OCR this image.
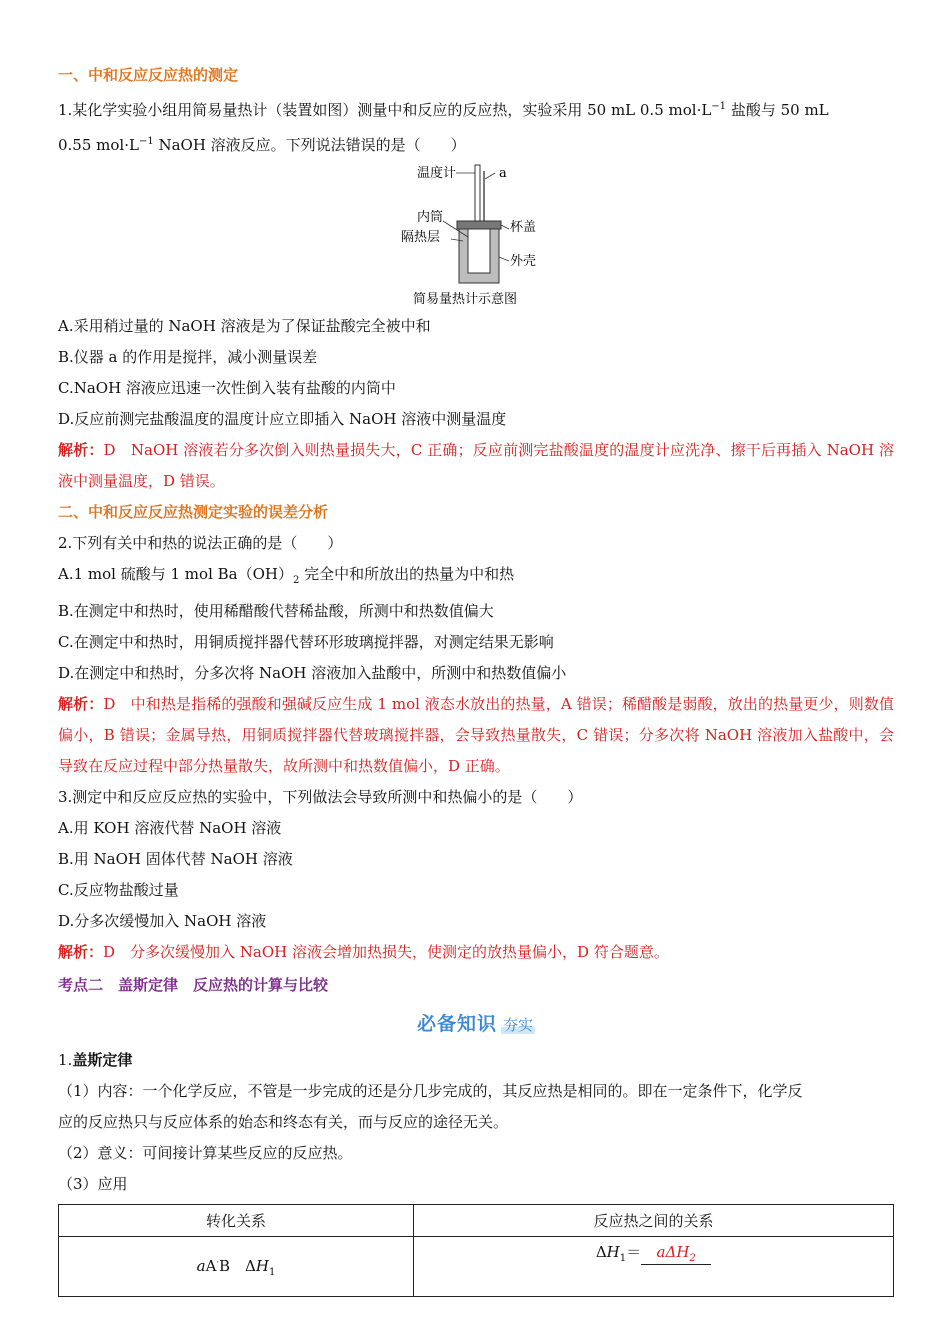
一、中和反应反应热的测定
1.某化学实验小组用简易量热计（装置如图）测量中和反应的反应热，实验采用 50 mL 0.5 $mol\cdot L^{-1}$ 盐酸与 50 mL
0.55 $mol\cdot L^{-1}$ NaOH 溶液反应。下列说法错误的是（　　）
温度计	a
内筒
隔热层
杯盖
外壳
简易量热计示意图
A.采用稍过量的 NaOH 溶液是为了保证盐酸完全被中和
B.仪器 a 的作用是搅拌，减小测量误差
C.NaOH 溶液应迅速一次性倒入装有盐酸的内筒中
D.反应前测完盐酸温度的温度计应立即插入 NaOH 溶液中测量温度
解析：D　NaOH 溶液若分多次倒入则热量损失大，C 正确；反应前测完盐酸温度的温度计应洗净、擦干后再插入 NaOH 溶液中测量温度，D 错误。
二、中和反应反应热测定实验的误差分析
2.下列有关中和热的说法正确的是（　　）
A.1 mol 硫酸与 1 mol $Ba(OH)_2$ 完全中和所放出的热量为中和热
B.在测定中和热时，使用稀醋酸代替稀盐酸，所测中和热数值偏大
C.在测定中和热时，用铜质搅拌器代替环形玻璃搅拌器，对测定结果无影响
D.在测定中和热时，分多次将 NaOH 溶液加入盐酸中，所测中和热数值偏小
解析：D　中和热是指稀的强酸和强碱反应生成 1 mol 液态水放出的热量，A 错误；稀醋酸是弱酸，放出的热量更少，则数值偏小，B 错误；金属导热，用铜质搅拌器代替玻璃搅拌器，会导致热量散失，C 错误；分多次将 NaOH 溶液加入盐酸中，会导致在反应过程中部分热量散失，故所测中和热数值偏小，D 正确。
3.测定中和反应反应热的实验中，下列做法会导致所测中和热偏小的是（　　）
A.用 KOH 溶液代替 NaOH 溶液
B.用 NaOH 固体代替 NaOH 溶液
C.反应物盐酸过量
D.分多次缓慢加入 NaOH 溶液
解析：D　分多次缓慢加入 NaOH 溶液会增加热损失，使测定的放热量偏小，D 符合题意。
考点二　盖斯定律　反应热的计算与比较
必备知识 夯实
1.盖斯定律
（1）内容：一个化学反应，不管是一步完成的还是分几步完成的，其反应热是相同的。即在一定条件下，化学反
应的反应热只与反应体系的始态和终态有关，而与反应的途径无关。
（2）意义：可间接计算某些反应的反应热。
（3）应用
转化关系	反应热之间的关系
aA·B　$\Delta H_1$	$\Delta H_1= a\Delta H_2$
